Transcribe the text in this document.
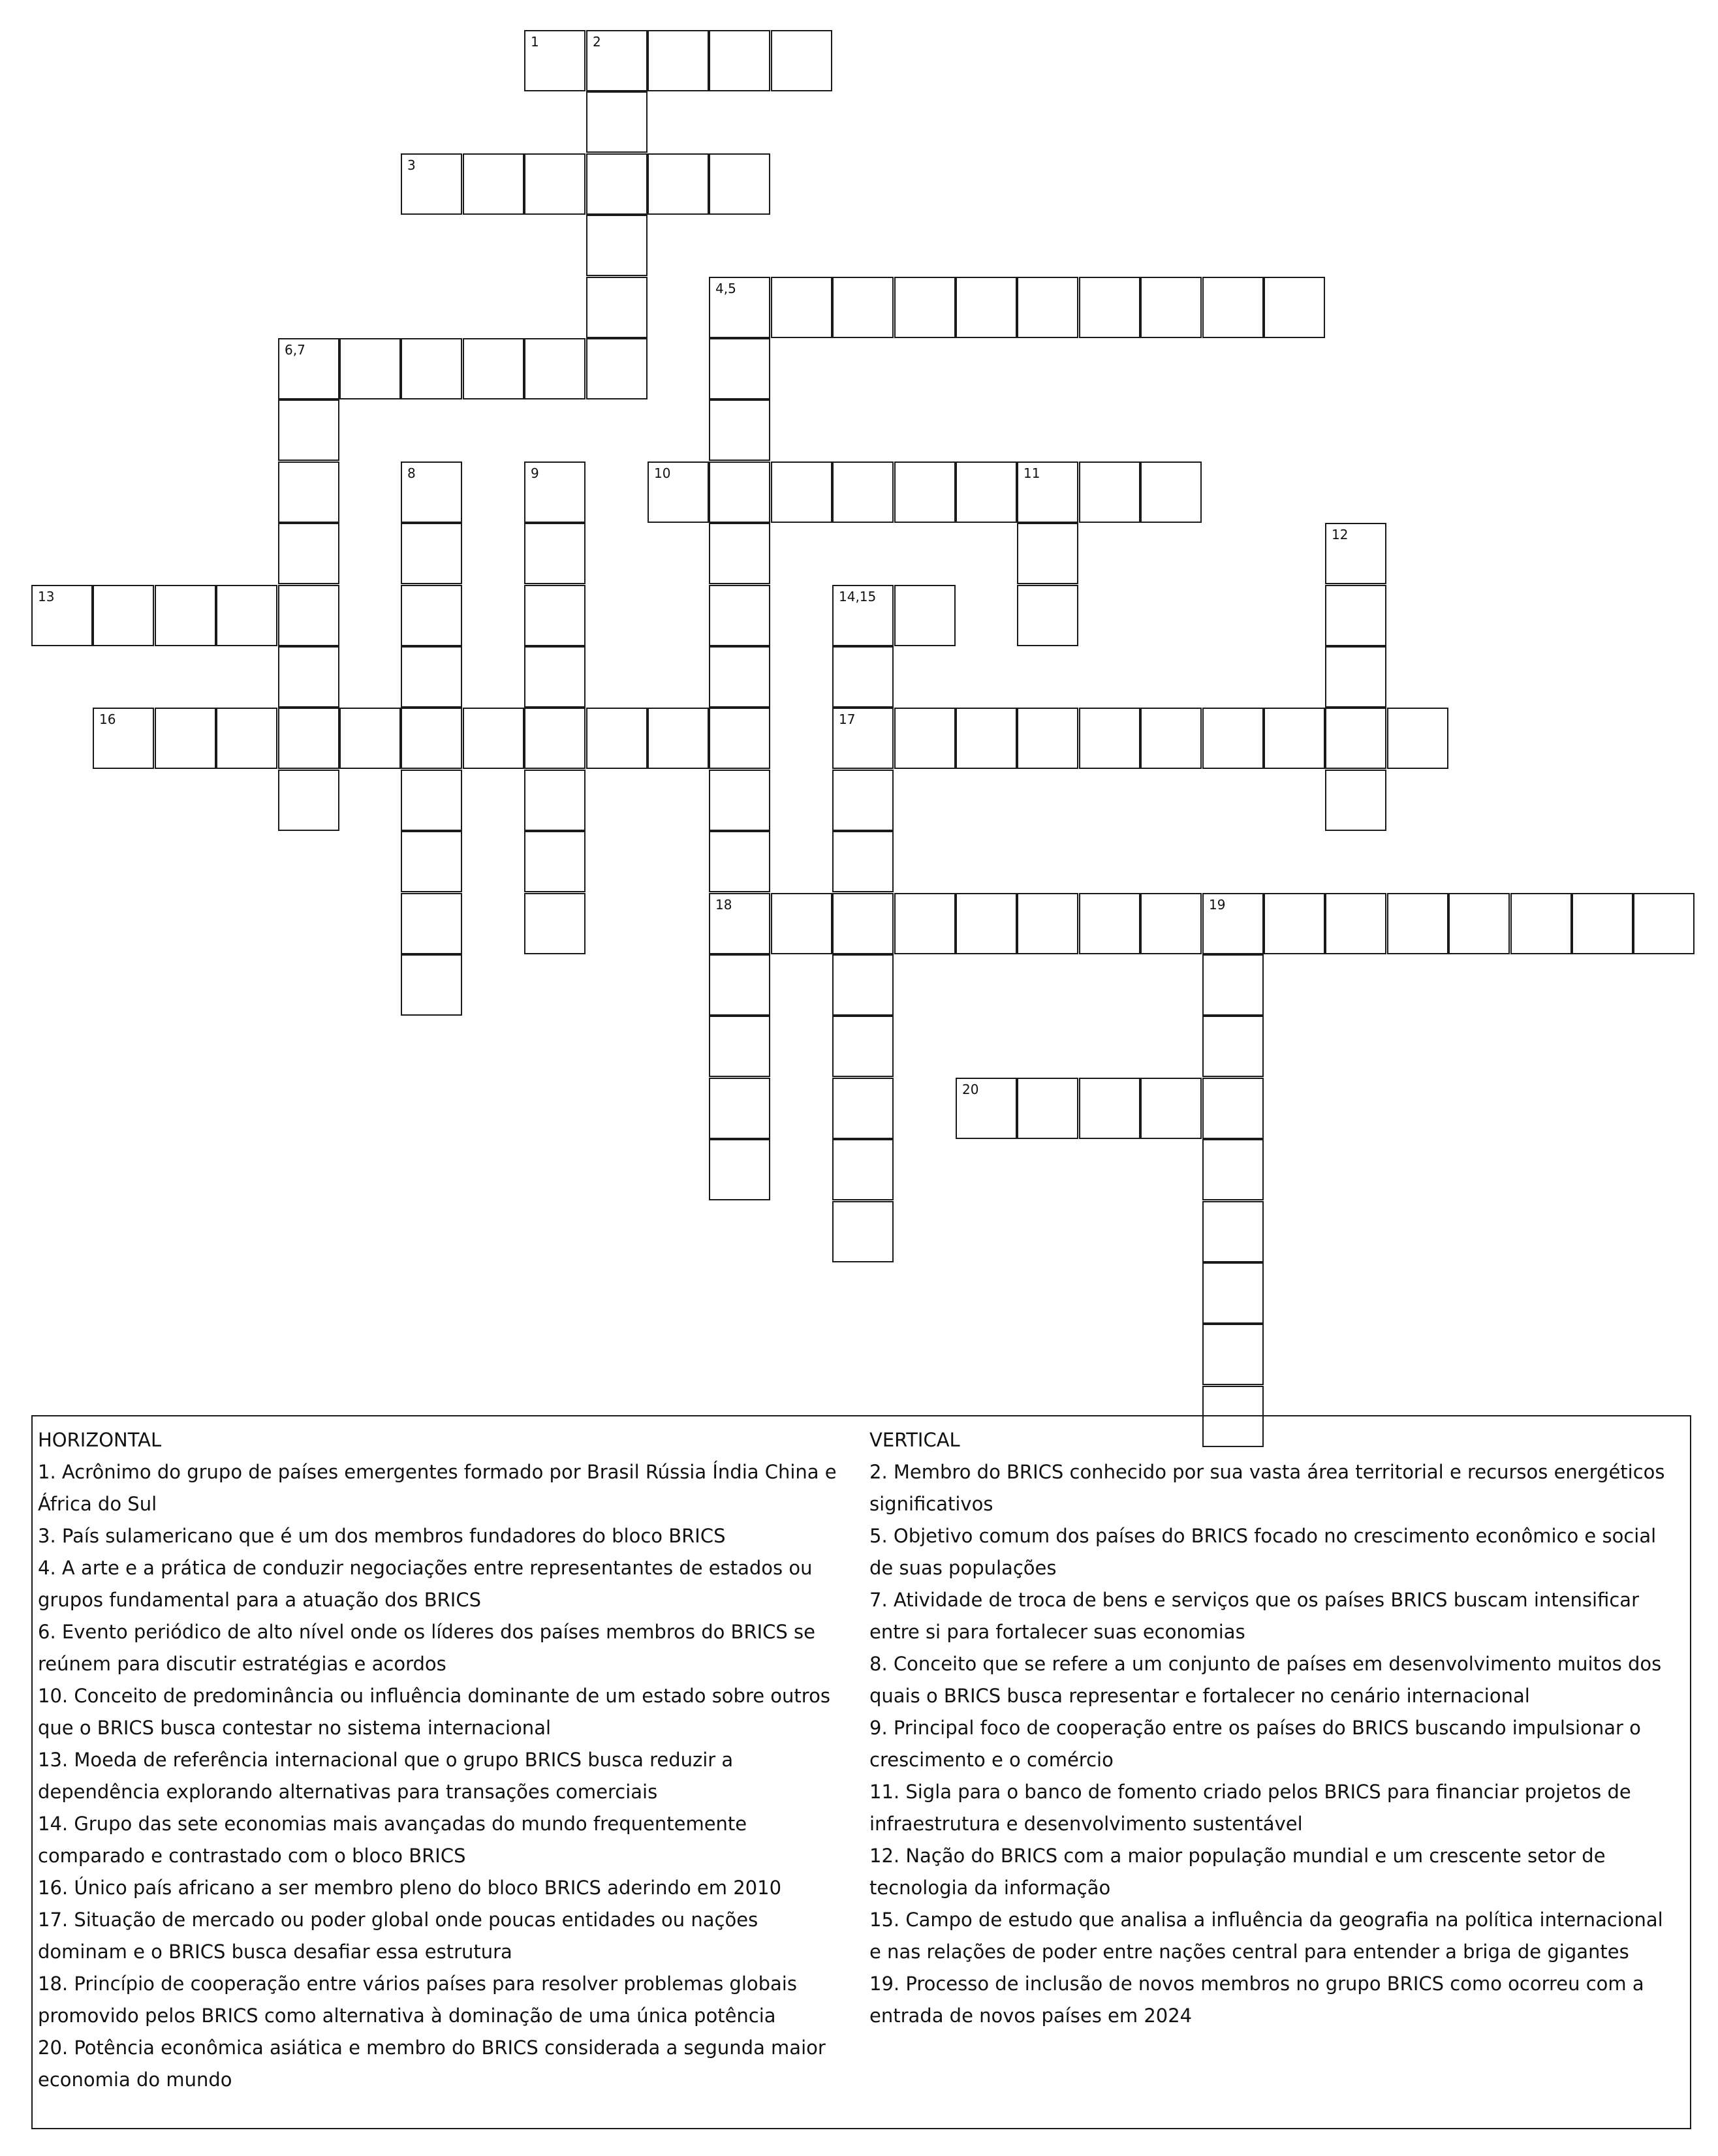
1	2
3
4,5
18
6,7
8	9	10	11
12
13	14,15
17
16
19
20
HORIZONTAL
1. Acrônimo do grupo de países emergentes formado por Brasil Rússia Índia China e África do Sul
3. País sulamericano que é um dos membros fundadores do bloco BRICS
4. A arte e a prática de conduzir negociações entre representantes de estados ou grupos fundamental para a atuação dos BRICS
6. Evento periódico de alto nível onde os líderes dos países membros do BRICS se reúnem para discutir estratégias e acordos
10. Conceito de predominância ou influência dominante de um estado sobre outros que o BRICS busca contestar no sistema internacional
13. Moeda de referência internacional que o grupo BRICS busca reduzir a dependência explorando alternativas para transações comerciais
14. Grupo das sete economias mais avançadas do mundo frequentemente comparado e contrastado com o bloco BRICS
16. Único país africano a ser membro pleno do bloco BRICS aderindo em 2010
17. Situação de mercado ou poder global onde poucas entidades ou nações dominam e o BRICS busca desafiar essa estrutura
18. Princípio de cooperação entre vários países para resolver problemas globais promovido pelos BRICS como alternativa à dominação de uma única potência
20. Potência econômica asiática e membro do BRICS considerada a segunda maior economia do mundo
VERTICAL
2. Membro do BRICS conhecido por sua vasta área territorial e recursos energéticos significativos
5. Objetivo comum dos países do BRICS focado no crescimento econômico e social de suas populações
7. Atividade de troca de bens e serviços que os países BRICS buscam intensificar entre si para fortalecer suas economias
8. Conceito que se refere a um conjunto de países em desenvolvimento muitos dos quais o BRICS busca representar e fortalecer no cenário internacional
9. Principal foco de cooperação entre os países do BRICS buscando impulsionar o crescimento e o comércio
11. Sigla para o banco de fomento criado pelos BRICS para financiar projetos de infraestrutura e desenvolvimento sustentável
12. Nação do BRICS com a maior população mundial e um crescente setor de tecnologia da informação
15. Campo de estudo que analisa a influência da geografia na política internacional e nas relações de poder entre nações central para entender a briga de gigantes
19. Processo de inclusão de novos membros no grupo BRICS como ocorreu com a entrada de novos países em 2024
